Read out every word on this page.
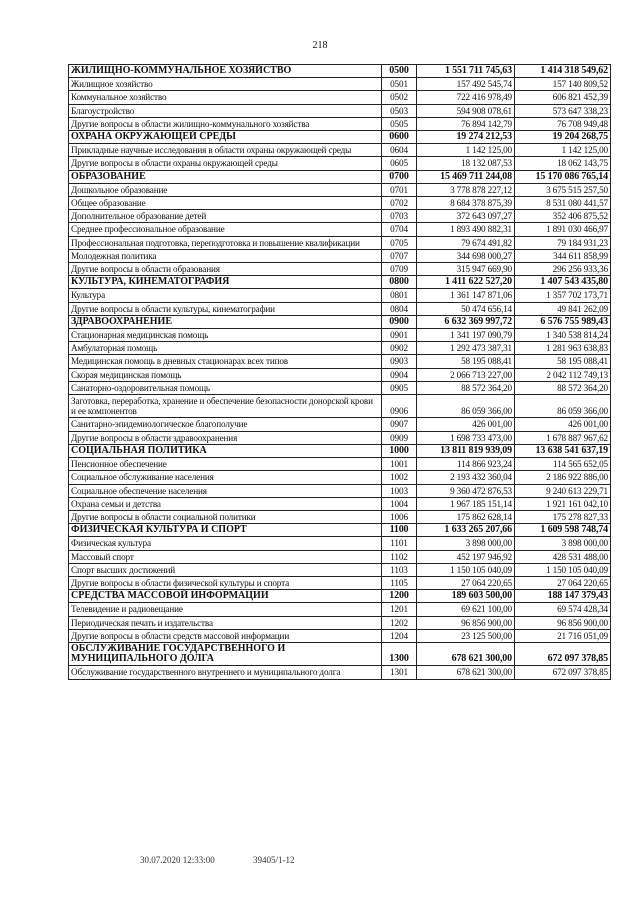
218
ЖИЛИЩНО-КОММУНАЛЬНОЕ ХОЗЯЙСТВО	0500	1 551 711 745,63	1 414 318 549,62
Жилищное хозяйство	0501	157 492 545,74	157 140 809,52
Коммунальное хозяйство	0502	722 416 978,49	606 821 452,39
Благоустройство	0503	594 908 078,61	573 647 338,23
Другие вопросы в области жилищно-коммунального хозяйства	0505	76 894 142,79	76 708 949,48
ОХРАНА ОКРУЖАЮЩЕЙ СРЕДЫ	0600	19 274 212,53	19 204 268,75
Прикладные научные исследования в области охраны окружающей среды	0604	1 142 125,00	1 142 125,00
Другие вопросы в области охраны окружающей среды	0605	18 132 087,53	18 062 143,75
ОБРАЗОВАНИЕ	0700	15 469 711 244,08	15 170 086 765,14
Дошкольное образование	0701	3 778 878 227,12	3 675 515 257,50
Общее образование	0702	8 684 378 875,39	8 531 080 441,57
Дополнительное образование детей	0703	372 643 097,27	352 406 875,52
Среднее профессиональное образование	0704	1 893 490 882,31	1 891 030 466,97
Профессиональная подготовка, переподготовка и повышение квалификации	0705	79 674 491,82	79 184 931,23
Молодежная политика	0707	344 698 000,27	344 611 858,99
Другие вопросы в области образования	0709	315 947 669,90	296 256 933,36
КУЛЬТУРА, КИНЕМАТОГРАФИЯ	0800	1 411 622 527,20	1 407 543 435,80
Культура	0801	1 361 147 871,06	1 357 702 173,71
Другие вопросы в области культуры, кинематографии	0804	50 474 656,14	49 841 262,09
ЗДРАВООХРАНЕНИЕ	0900	6 632 369 997,72	6 576 755 989,43
Стационарная медицинская помощь	0901	1 341 197 090,79	1 340 538 814,24
Амбулаторная помощь	0902	1 292 473 387,31	1 281 963 638,83
Медицинская помощь в дневных стационарах всех типов	0903	58 195 088,41	58 195 088,41
Скорая медицинская помощь	0904	2 066 713 227,00	2 042 112 749,13
Санаторно-оздоровительная помощь	0905	88 572 364,20	88 572 364,20
Заготовка, переработка, хранение и обеспечение безопасности донорской крови и ее компонентов	0906	86 059 366,00	86 059 366,00
Санитарно-эпидемиологическое благополучие	0907	426 001,00	426 001,00
Другие вопросы в области здравоохранения	0909	1 698 733 473,00	1 678 887 967,62
СОЦИАЛЬНАЯ ПОЛИТИКА	1000	13 811 819 939,09	13 638 541 637,19
Пенсионное обеспечение	1001	114 866 923,24	114 565 652,05
Социальное обслуживание населения	1002	2 193 432 360,04	2 186 922 886,00
Социальное обеспечение населения	1003	9 360 472 876,53	9 240 613 229,71
Охрана семьи и детства	1004	1 967 185 151,14	1 921 161 042,10
Другие вопросы в области социальной политики	1006	175 862 628,14	175 278 827,33
ФИЗИЧЕСКАЯ КУЛЬТУРА И СПОРТ	1100	1 633 265 207,66	1 609 598 748,74
Физическая культура	1101	3 898 000,00	3 898 000,00
Массовый спорт	1102	452 197 946,92	428 531 488,00
Спорт высших достижений	1103	1 150 105 040,09	1 150 105 040,09
Другие вопросы в области физической культуры и спорта	1105	27 064 220,65	27 064 220,65
СРЕДСТВА МАССОВОЙ ИНФОРМАЦИИ	1200	189 603 500,00	188 147 379,43
Телевидение и радиовещание	1201	69 621 100,00	69 574 428,34
Периодическая печать и издательства	1202	96 856 900,00	96 856 900,00
Другие вопросы в области средств массовой информации	1204	23 125 500,00	21 716 051,09
ОБСЛУЖИВАНИЕ ГОСУДАРСТВЕННОГО И МУНИЦИПАЛЬНОГО ДОЛГА	1300	678 621 300,00	672 097 378,85
Обслуживание государственного внутреннего и муниципального долга	1301	678 621 300,00	672 097 378,85
30.07.2020 12:33:00	39405/1-12
